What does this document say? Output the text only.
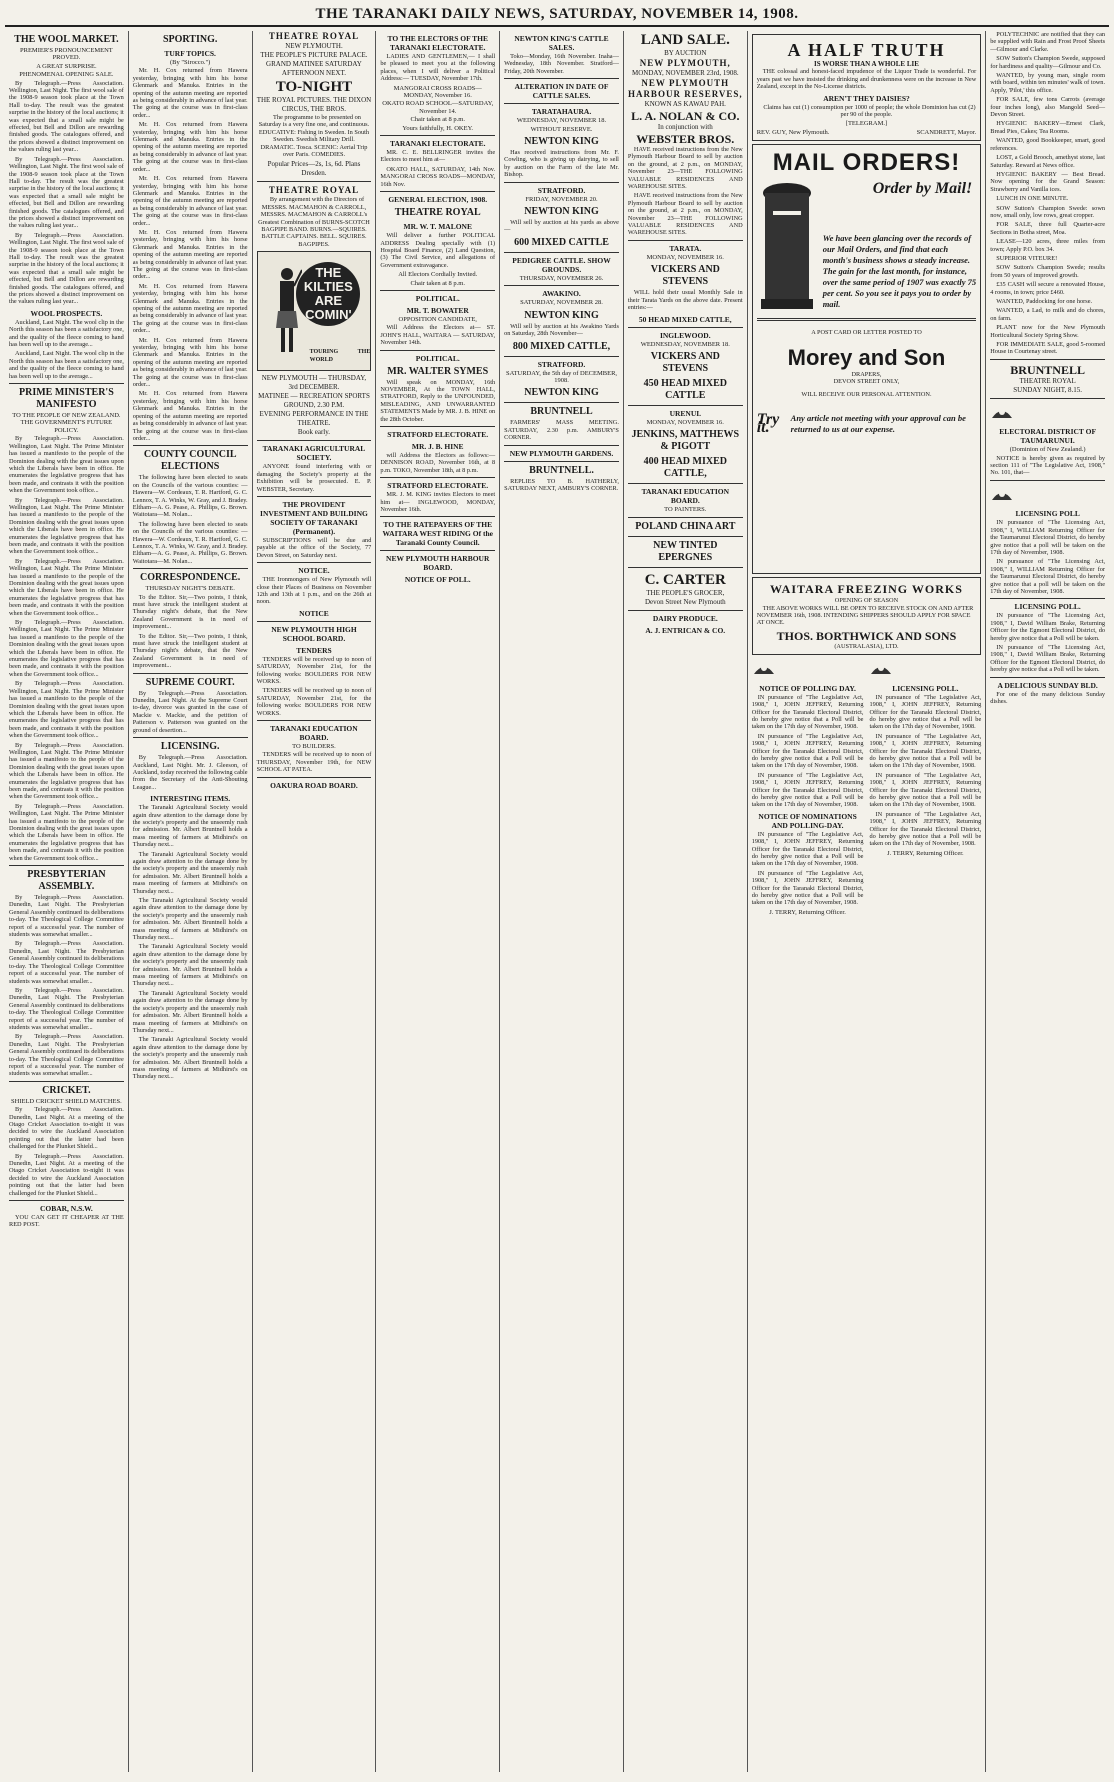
THE TARANAKI DAILY NEWS, SATURDAY, NOVEMBER 14, 1908.
THE WOOL MARKET.
PREMIER'S PRONOUNCEMENT PROVED.
A GREAT SURPRISE.
PHENOMENAL OPENING SALE.

By Telegraph.—Press Association. Wellington, Last Night. The first wool sale of the 1908-9 season took place at the Town Hall to-day. The result was the greatest surprise in the history of the local auctions; it was expected that a small sale might be effected, but Bell and Dillon are rewarding finished goods. The catalogues offered, and the prices showed a distinct improvement on the values ruling last year...

By Telegraph.—Press Association. Wellington, Last Night. The first wool sale of the 1908-9 season took place at the Town Hall to-day. The result was the greatest surprise in the history of the local auctions; it was expected that a small sale might be effected, but Bell and Dillon are rewarding finished goods. The catalogues offered, and the prices showed a distinct improvement on the values ruling last year...

By Telegraph.—Press Association. Wellington, Last Night. The first wool sale of the 1908-9 season took place at the Town Hall to-day. The result was the greatest surprise in the history of the local auctions; it was expected that a small sale might be effected, but Bell and Dillon are rewarding finished goods. The catalogues offered, and the prices showed a distinct improvement on the values ruling last year...

WOOL PROSPECTS.

Auckland, Last Night. The wool clip in the North this season has been a satisfactory one, and the quality of the fleece coming to hand has been well up to the average...

Auckland, Last Night. The wool clip in the North this season has been a satisfactory one, and the quality of the fleece coming to hand has been well up to the average...

PRIME MINISTER'S MANIFESTO
TO THE PEOPLE OF NEW ZEALAND. THE GOVERNMENT'S FUTURE POLICY.

By Telegraph.—Press Association. Wellington, Last Night. The Prime Minister has issued a manifesto to the people of the Dominion dealing with the great issues upon which the Liberals have been in office. He enumerates the legislative progress that has been made, and contrasts it with the position when the Government took office...

By Telegraph.—Press Association. Wellington, Last Night. The Prime Minister has issued a manifesto to the people of the Dominion dealing with the great issues upon which the Liberals have been in office. He enumerates the legislative progress that has been made, and contrasts it with the position when the Government took office...

By Telegraph.—Press Association. Wellington, Last Night. The Prime Minister has issued a manifesto to the people of the Dominion dealing with the great issues upon which the Liberals have been in office. He enumerates the legislative progress that has been made, and contrasts it with the position when the Government took office...

By Telegraph.—Press Association. Wellington, Last Night. The Prime Minister has issued a manifesto to the people of the Dominion dealing with the great issues upon which the Liberals have been in office. He enumerates the legislative progress that has been made, and contrasts it with the position when the Government took office...

By Telegraph.—Press Association. Wellington, Last Night. The Prime Minister has issued a manifesto to the people of the Dominion dealing with the great issues upon which the Liberals have been in office. He enumerates the legislative progress that has been made, and contrasts it with the position when the Government took office...

By Telegraph.—Press Association. Wellington, Last Night. The Prime Minister has issued a manifesto to the people of the Dominion dealing with the great issues upon which the Liberals have been in office. He enumerates the legislative progress that has been made, and contrasts it with the position when the Government took office...

By Telegraph.—Press Association. Wellington, Last Night. The Prime Minister has issued a manifesto to the people of the Dominion dealing with the great issues upon which the Liberals have been in office. He enumerates the legislative progress that has been made, and contrasts it with the position when the Government took office...

PRESBYTERIAN ASSEMBLY.

By Telegraph.—Press Association. Dunedin, Last Night. The Presbyterian General Assembly continued its deliberations to-day. The Theological College Committee report of a successful year. The number of students was somewhat smaller...

By Telegraph.—Press Association. Dunedin, Last Night. The Presbyterian General Assembly continued its deliberations to-day. The Theological College Committee report of a successful year. The number of students was somewhat smaller...

By Telegraph.—Press Association. Dunedin, Last Night. The Presbyterian General Assembly continued its deliberations to-day. The Theological College Committee report of a successful year. The number of students was somewhat smaller...

By Telegraph.—Press Association. Dunedin, Last Night. The Presbyterian General Assembly continued its deliberations to-day. The Theological College Committee report of a successful year. The number of students was somewhat smaller...

CRICKET.
SHIELD CRICKET SHIELD MATCHES.

By Telegraph.—Press Association. Dunedin, Last Night. At a meeting of the Otago Cricket Association to-night it was decided to wire the Auckland Association pointing out that the latter had been challenged for the Plunket Shield...

By Telegraph.—Press Association. Dunedin, Last Night. At a meeting of the Otago Cricket Association to-night it was decided to wire the Auckland Association pointing out that the latter had been challenged for the Plunket Shield...

COBAR, N.S.W.

YOU CAN GET IT CHEAPER AT THE RED POST.

SPORTING.
TURF TOPICS.
(By "Sirocco.")

Mr. H. Cox returned from Hawera yesterday, bringing with him his horse Glenmark and Manuka. Entries in the opening of the autumn meeting are reported as being considerably in advance of last year. The going at the course was in first-class order...

Mr. H. Cox returned from Hawera yesterday, bringing with him his horse Glenmark and Manuka. Entries in the opening of the autumn meeting are reported as being considerably in advance of last year. The going at the course was in first-class order...

Mr. H. Cox returned from Hawera yesterday, bringing with him his horse Glenmark and Manuka. Entries in the opening of the autumn meeting are reported as being considerably in advance of last year. The going at the course was in first-class order...

Mr. H. Cox returned from Hawera yesterday, bringing with him his horse Glenmark and Manuka. Entries in the opening of the autumn meeting are reported as being considerably in advance of last year. The going at the course was in first-class order...

Mr. H. Cox returned from Hawera yesterday, bringing with him his horse Glenmark and Manuka. Entries in the opening of the autumn meeting are reported as being considerably in advance of last year. The going at the course was in first-class order...

Mr. H. Cox returned from Hawera yesterday, bringing with him his horse Glenmark and Manuka. Entries in the opening of the autumn meeting are reported as being considerably in advance of last year. The going at the course was in first-class order...

Mr. H. Cox returned from Hawera yesterday, bringing with him his horse Glenmark and Manuka. Entries in the opening of the autumn meeting are reported as being considerably in advance of last year. The going at the course was in first-class order...

COUNTY COUNCIL ELECTIONS

The following have been elected to seats on the Councils of the various counties: — Hawera—W. Cordeaux, T. R. Hartford, G. C. Lennox, T. A. Winks, W. Gray, and J. Bradey. Eltham—A. G. Pease, A. Phillips, G. Brown. Waitotara—M. Nolan...

The following have been elected to seats on the Councils of the various counties: — Hawera—W. Cordeaux, T. R. Hartford, G. C. Lennox, T. A. Winks, W. Gray, and J. Bradey. Eltham—A. G. Pease, A. Phillips, G. Brown. Waitotara—M. Nolan...

CORRESPONDENCE.
THURSDAY NIGHT'S DEBATE.

To the Editor. Sir,—Two points, I think, must have struck the intelligent student at Thursday night's debate, that the New Zealand Government is in need of improvement...

To the Editor. Sir,—Two points, I think, must have struck the intelligent student at Thursday night's debate, that the New Zealand Government is in need of improvement...

SUPREME COURT.

By Telegraph.—Press Association. Dunedin, Last Night. At the Supreme Court to-day, divorce was granted in the case of Mackie v. Mackie, and the petition of Patterson v. Patterson was granted on the ground of desertion...

LICENSING.

By Telegraph.—Press Association. Auckland, Last Night. Mr. J. Gleeson, of Auckland, today received the following cable from the Secretary of the Anti-Shouting League...

INTERESTING ITEMS.

The Taranaki Agricultural Society would again draw attention to the damage done by the society's property and the unseemly rush for admission. Mr. Albert Bruntnell holds a mass meeting of farmers at Midhirst's on Thursday next...

The Taranaki Agricultural Society would again draw attention to the damage done by the society's property and the unseemly rush for admission. Mr. Albert Bruntnell holds a mass meeting of farmers at Midhirst's on Thursday next...

The Taranaki Agricultural Society would again draw attention to the damage done by the society's property and the unseemly rush for admission. Mr. Albert Bruntnell holds a mass meeting of farmers at Midhirst's on Thursday next...

The Taranaki Agricultural Society would again draw attention to the damage done by the society's property and the unseemly rush for admission. Mr. Albert Bruntnell holds a mass meeting of farmers at Midhirst's on Thursday next...

The Taranaki Agricultural Society would again draw attention to the damage done by the society's property and the unseemly rush for admission. Mr. Albert Bruntnell holds a mass meeting of farmers at Midhirst's on Thursday next...

The Taranaki Agricultural Society would again draw attention to the damage done by the society's property and the unseemly rush for admission. Mr. Albert Bruntnell holds a mass meeting of farmers at Midhirst's on Thursday next...

THEATRE ROYAL
NEW PLYMOUTH.
THE PEOPLE'S PICTURE PALACE.
GRAND MATINEE SATURDAY AFTERNOON NEXT.
TO-NIGHT
THE ROYAL PICTURES. THE DIXON CIRCUS, THE BROS.

The programme to be presented on Saturday is a very fine one, and continuous. EDUCATIVE: Fishing in Sweden. In South Sweden. Swedish Military Drill. DRAMATIC. Tosca. SCENIC: Aerial Trip over Paris. COMEDIES.

Popular Prices—2s, 1s, 6d. Plans Dresden.
THEATRE ROYAL

By arrangement with the Directors of MESSRS. MACMAHON & CARROLL, MESSRS. MACMAHON & CARROLL's Greatest Combination of BURNS-SCOTCH BAGPIPE BAND. BURNS.—SQUIRES. BATTLE CAPTAINS. BELL. SQUIRES. BAGPIPES.

THE KILTIES ARE COMIN'
TOURING THE WORLD
NEW PLYMOUTH — THURSDAY, 3rd DECEMBER.
MATINEE — RECREATION SPORTS GROUND, 2.30 P.M.
EVENING PERFORMANCE IN THE THEATRE.
Book early.
TARANAKI AGRICULTURAL SOCIETY.

ANYONE found interfering with or damaging the Society's property at the Exhibition will be prosecuted. E. P. WEBSTER, Secretary.

THE PROVIDENT INVESTMENT AND BUILDING SOCIETY OF TARANAKI (Permanent).

SUBSCRIPTIONS will be due and payable at the office of the Society, 77 Devon Street, on Saturday next.

NOTICE.

THE Ironmongers of New Plymouth will close their Places of Business on November 12th and 13th at 1 p.m., and on the 26th at noon.

NOTICE
NEW PLYMOUTH HIGH SCHOOL BOARD.
TENDERS

TENDERS will be received up to noon of SATURDAY, November 21st, for the following works: BOULDERS FOR NEW WORKS.

TENDERS will be received up to noon of SATURDAY, November 21st, for the following works: BOULDERS FOR NEW WORKS.

TARANAKI EDUCATION BOARD.
TO BUILDERS.

TENDERS will be received up to noon of THURSDAY, November 19th, for NEW SCHOOL AT PATEA.

OAKURA ROAD BOARD.
TO THE ELECTORS OF THE TARANAKI ELECTORATE.

LADIES AND GENTLEMEN,— I shall be pleased to meet you at the following places, when I will deliver a Political Address:— TUESDAY, November 17th.

MANGORAI CROSS ROADS—MONDAY, November 16.
OKATO ROAD SCHOOL—SATURDAY, November 14.
Chair taken at 8 p.m.
Yours faithfully, H. OKEY.
TARANAKI ELECTORATE.

MR. C. E. BELLRINGER invites the Electors to meet him at—

OKATO HALL, SATURDAY, 14th Nov. MANGORAI CROSS ROADS—MONDAY, 16th Nov.

GENERAL ELECTION, 1908.
THEATRE ROYAL
MR. W. T. MALONE

Will deliver a further POLITICAL ADDRESS Dealing specially with (1) Hospital Board Finance, (2) Land Question, (3) The Civil Service, and allegations of Government extravagance.

All Electors Cordially Invited.
Chair taken at 8 p.m.
POLITICAL.
MR. T. BOWATER
OPPOSITION CANDIDATE,

Will Address the Electors at— ST. JOHN'S HALL, WAITARA — SATURDAY, November 14th.

POLITICAL.
MR. WALTER SYMES

Will speak on MONDAY, 16th NOVEMBER, At the TOWN HALL, STRATFORD, Reply to the UNFOUNDED, MISLEADING, AND UNWARRANTED STATEMENTS Made by MR. J. B. HINE on the 28th October.

STRATFORD ELECTORATE.
MR. J. B. HINE

will Address the Electors as follows:— DENNISON ROAD, November 16th, at 8 p.m. TOKO, November 18th, at 8 p.m.

STRATFORD ELECTORATE.

MR. J. M. KING invites Electors to meet him at— INGLEWOOD, MONDAY, November 16th.

TO THE RATEPAYERS OF THE WAITARA WEST RIDING Of the Taranaki County Council.
NEW PLYMOUTH HARBOUR BOARD.
NOTICE OF POLL.
NEWTON KING'S CATTLE SALES.

Toko—Monday, 16th November. Inaha—Wednesday, 18th November. Stratford—Friday, 20th November.

ALTERATION IN DATE OF CATTLE SALES.
TARATAHAURA.
WEDNESDAY, NOVEMBER 18.
WITHOUT RESERVE.
NEWTON KING

Has received instructions from Mr. F. Cowling, who is giving up dairying, to sell by auction on the Farm of the late Mr. Bishop.

STRATFORD.
FRIDAY, NOVEMBER 20.
NEWTON KING

Will sell by auction at his yards as above—

600 MIXED CATTLE
PEDIGREE CATTLE. SHOW GROUNDS.
THURSDAY, NOVEMBER 26.
AWAKINO.
SATURDAY, NOVEMBER 28.
NEWTON KING

Will sell by auction at his Awakino Yards on Saturday, 28th November—

800 MIXED CATTLE,
STRATFORD.
SATURDAY, the 5th day of DECEMBER, 1908.
NEWTON KING
BRUNTNELL

FARMERS' MASS MEETING. SATURDAY, 2.30 p.m. AMBURY'S CORNER.

NEW PLYMOUTH GARDENS.
BRUNTNELL.

REPLIES TO B. HATHERLY, SATURDAY NEXT, AMBURY'S CORNER.

LAND SALE.
BY AUCTION
NEW PLYMOUTH,
MONDAY, NOVEMBER 23rd, 1908.
NEW PLYMOUTH HARBOUR RESERVES,
KNOWN AS KAWAU PAH.
L. A. NOLAN & CO.
In conjunction with
WEBSTER BROS.

HAVE received instructions from the New Plymouth Harbour Board to sell by auction on the ground, at 2 p.m., on MONDAY, November 23—THE FOLLOWING VALUABLE RESIDENCES AND WAREHOUSE SITES.

HAVE received instructions from the New Plymouth Harbour Board to sell by auction on the ground, at 2 p.m., on MONDAY, November 23—THE FOLLOWING VALUABLE RESIDENCES AND WAREHOUSE SITES.

TARATA.
MONDAY, NOVEMBER 16.
VICKERS AND STEVENS

WILL hold their usual Monthly Sale in their Tarata Yards on the above date. Present entries:—

50 HEAD MIXED CATTLE,
INGLEWOOD.
WEDNESDAY, NOVEMBER 18.
VICKERS AND STEVENS
450 HEAD MIXED CATTLE
URENUI.
MONDAY, NOVEMBER 16.
JENKINS, MATTHEWS & PIGOTT
400 HEAD MIXED CATTLE,
TARANAKI EDUCATION BOARD.
TO PAINTERS.
POLAND CHINA ART
NEW TINTED EPERGNES
C. CARTER
THE PEOPLE'S GROCER,
Devon Street New Plymouth
DAIRY PRODUCE.
A. J. ENTRICAN & CO.
A HALF TRUTH
IS WORSE THAN A WHOLE LIE

THE colossal and honest-faced impudence of the Liquor Trade is wonderful. For years past we have insisted the drinking and drunkenness were on the increase in New Zealand, except in the No-License districts.

AREN'T THEY DAISIES?

Claims has cut (1) consumption per 1000 of people; the whole Dominion has cut (2) per 90 of the people.

[TELEGRAM.]
REV. GUY, New Plymouth.	SCANDRETT, Mayor.
MAIL ORDERS!
Order by Mail!
We have been glancing over the records of our Mail Orders, and find that each month's business shows a steady increase. The gain for the last month, for instance, over the same period of 1907 was exactly 75 per cent. So you see it pays you to order by mail.
A POST CARD OR LETTER POSTED TO
Morey and Son
DRAPERS,
DEVON STREET ONLY,
WILL RECEIVE OUR PERSONAL ATTENTION.
Try it.
Any article not meeting with your approval can be returned to us at our expense.
WAITARA FREEZING WORKS
OPENING OF SEASON

THE ABOVE WORKS WILL BE OPEN TO RECEIVE STOCK ON AND AFTER NOVEMBER 16th, 1908. INTENDING SHIPPERS SHOULD APPLY FOR SPACE AT ONCE.

THOS. BORTHWICK AND SONS
(AUSTRALASIA), LTD.
NOTICE OF POLLING DAY.

IN pursuance of "The Legislative Act, 1908," I, JOHN JEFFREY, Returning Officer for the Taranaki Electoral District, do hereby give notice that a Poll will be taken on the 17th day of November, 1908.

IN pursuance of "The Legislative Act, 1908," I, JOHN JEFFREY, Returning Officer for the Taranaki Electoral District, do hereby give notice that a Poll will be taken on the 17th day of November, 1908.

IN pursuance of "The Legislative Act, 1908," I, JOHN JEFFREY, Returning Officer for the Taranaki Electoral District, do hereby give notice that a Poll will be taken on the 17th day of November, 1908.

NOTICE OF NOMINATIONS AND POLLING-DAY.

IN pursuance of "The Legislative Act, 1908," I, JOHN JEFFREY, Returning Officer for the Taranaki Electoral District, do hereby give notice that a Poll will be taken on the 17th day of November, 1908.

IN pursuance of "The Legislative Act, 1908," I, JOHN JEFFREY, Returning Officer for the Taranaki Electoral District, do hereby give notice that a Poll will be taken on the 17th day of November, 1908.

J. TERRY, Returning Officer.
LICENSING POLL.

IN pursuance of "The Legislative Act, 1908," I, JOHN JEFFREY, Returning Officer for the Taranaki Electoral District, do hereby give notice that a Poll will be taken on the 17th day of November, 1908.

IN pursuance of "The Legislative Act, 1908," I, JOHN JEFFREY, Returning Officer for the Taranaki Electoral District, do hereby give notice that a Poll will be taken on the 17th day of November, 1908.

IN pursuance of "The Legislative Act, 1908," I, JOHN JEFFREY, Returning Officer for the Taranaki Electoral District, do hereby give notice that a Poll will be taken on the 17th day of November, 1908.

IN pursuance of "The Legislative Act, 1908," I, JOHN JEFFREY, Returning Officer for the Taranaki Electoral District, do hereby give notice that a Poll will be taken on the 17th day of November, 1908.

J. TERRY, Returning Officer.

POLYTECHNIC are notified that they can be supplied with Rain and Frost Proof Sheets—Gilmour and Clarke.

SOW Sutton's Champion Swede, supposed for hardiness and quality—Gilmour and Co.

WANTED, by young man, single room with board, within ten minutes' walk of town. Apply, 'Pilot,' this office.

FOR SALE, few tons Carrots (average four inches long), also Mangold Seed—Devon Street.

HYGIENIC BAKERY—Ernest Clark, Bread Pies, Cakes; Tea Rooms.

WANTED, good Bookkeeper, smart, good references.

LOST, a Gold Brooch, amethyst stone, last Saturday. Reward at News office.

HYGIENIC BAKERY — Best Bread. Now opening for the Grand Season: Strawberry and Vanilla ices.

LUNCH IN ONE MINUTE.

SOW Sutton's Champion Swede: sown now, small only, low rows, great cropper.

FOR SALE, three full Quarter-acre Sections in Botha street, Moa.

LEASE—120 acres, three miles from town; Apply P.O. box 34.

SUPERIOR VITEURE!

SOW Sutton's Champion Swede; results from 50 years of improved growth.

£35 CASH will secure a renovated House, 4 rooms, in town; price £460.

WANTED, Paddocking for one horse.

WANTED, a Lad, to milk and do chores, on farm.

PLANT now for the New Plymouth Horticultural Society Spring Show.

FOR IMMEDIATE SALE, good 5-roomed House in Courtenay street.

BRUNTNELL
THEATRE ROYAL
SUNDAY NIGHT, 8.15.
ELECTORAL DISTRICT OF TAUMARUNUI.
(Dominion of New Zealand.)

NOTICE is hereby given as required by section 111 of "The Legislative Act, 1908," No. 101, that—

LICENSING POLL

IN pursuance of "The Licensing Act, 1908," I, WILLIAM Returning Officer for the Taumarunui Electoral District, do hereby give notice that a poll will be taken on the 17th day of November, 1908.

IN pursuance of "The Licensing Act, 1908," I, WILLIAM Returning Officer for the Taumarunui Electoral District, do hereby give notice that a poll will be taken on the 17th day of November, 1908.

LICENSING POLL.

IN pursuance of "The Licensing Act, 1908," I, David William Brake, Returning Officer for the Egmont Electoral District, do hereby give notice that a Poll will be taken.

IN pursuance of "The Licensing Act, 1908," I, David William Brake, Returning Officer for the Egmont Electoral District, do hereby give notice that a Poll will be taken.

A DELICIOUS SUNDAY BLD.

For one of the many delicious Sunday dishes.
